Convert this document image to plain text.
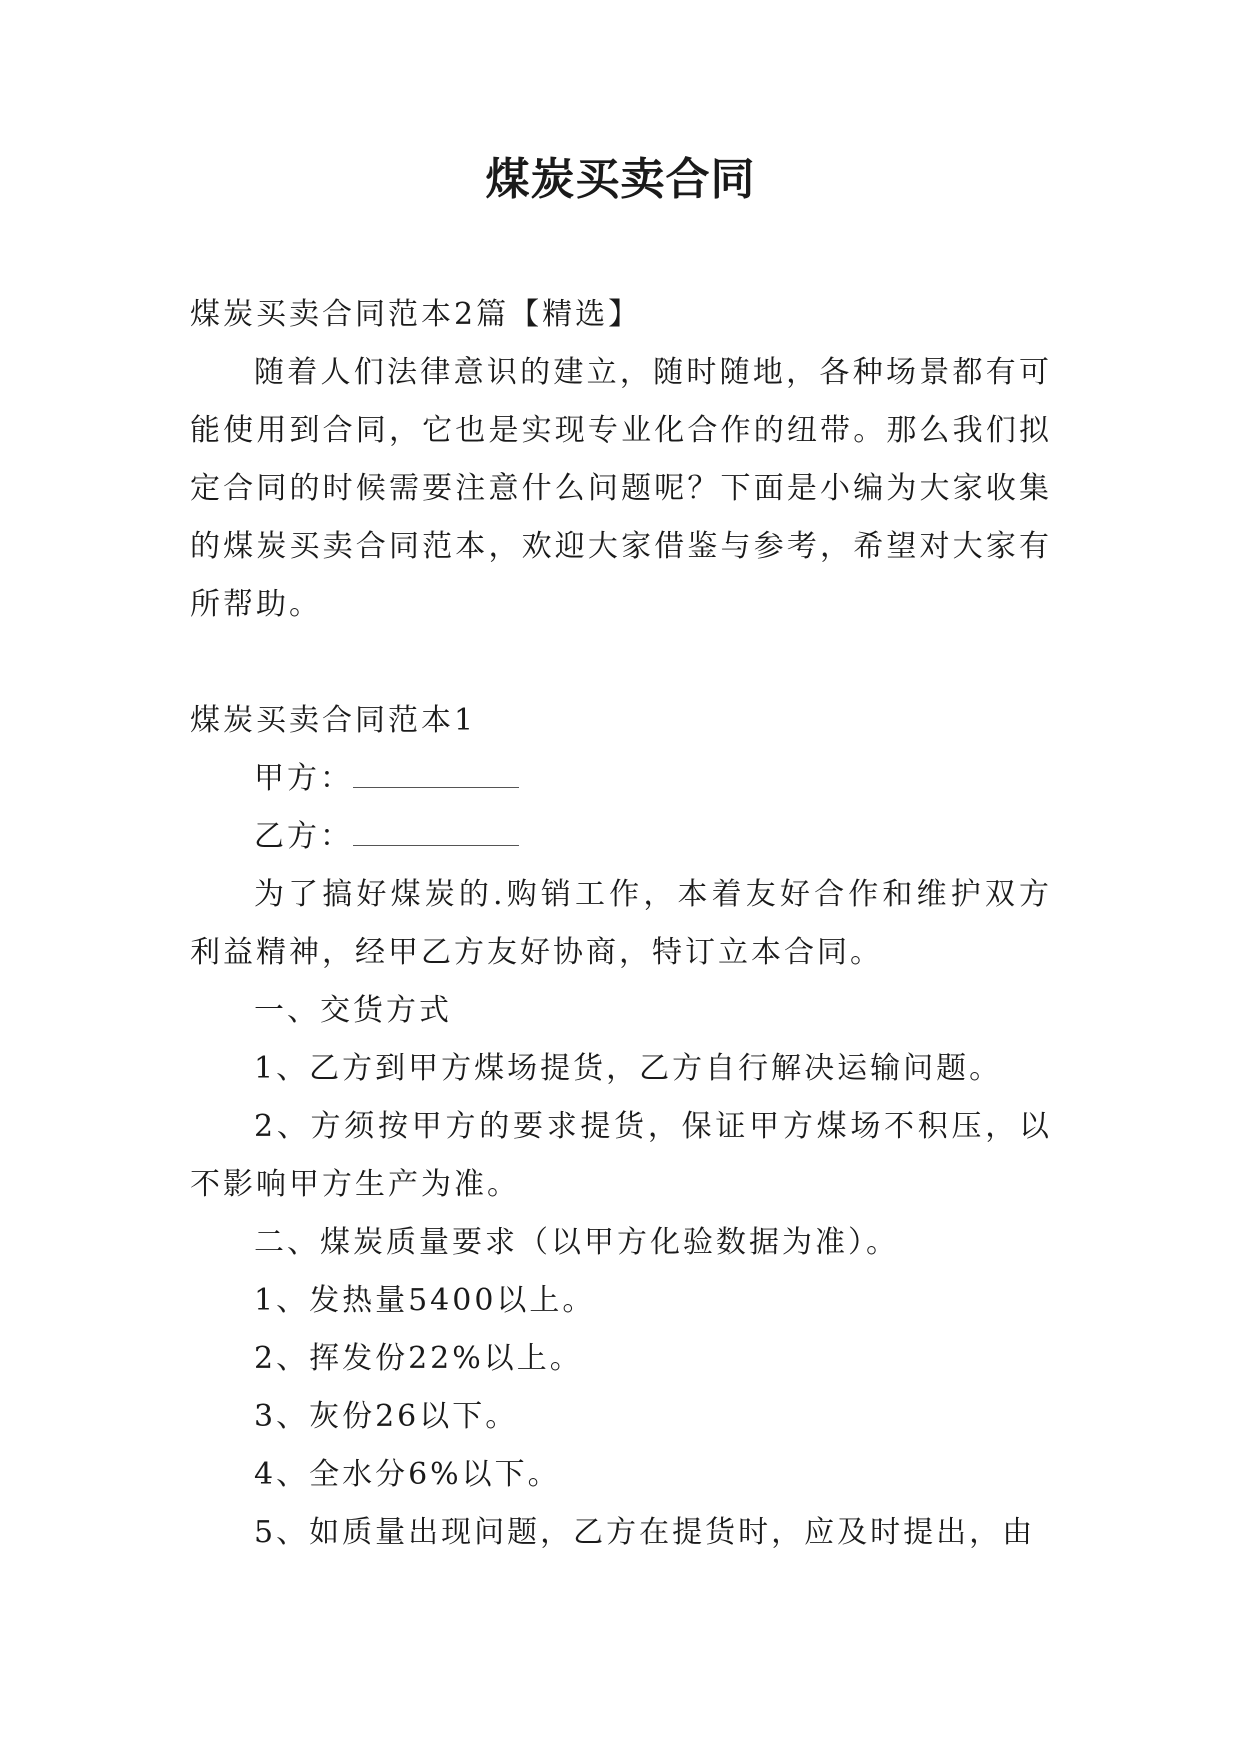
煤炭买卖合同

煤炭买卖合同范本2篇【精选】

随着人们法律意识的建立，随时随地，各种场景都有可能使用到合同，它也是实现专业化合作的纽带。那么我们拟定合同的时候需要注意什么问题呢？下面是小编为大家收集的煤炭买卖合同范本，欢迎大家借鉴与参考，希望对大家有所帮助。

煤炭买卖合同范本1

甲方：

乙方：

为了搞好煤炭的.购销工作，本着友好合作和维护双方利益精神，经甲乙方友好协商，特订立本合同。

一、交货方式

1、乙方到甲方煤场提货，乙方自行解决运输问题。

2、方须按甲方的要求提货，保证甲方煤场不积压，以不影响甲方生产为准。

二、煤炭质量要求（以甲方化验数据为准）。

1、发热量5400以上。

2、挥发份22%以上。

3、灰份26以下。

4、全水分6%以下。

5、如质量出现问题，乙方在提货时，应及时提出，由
